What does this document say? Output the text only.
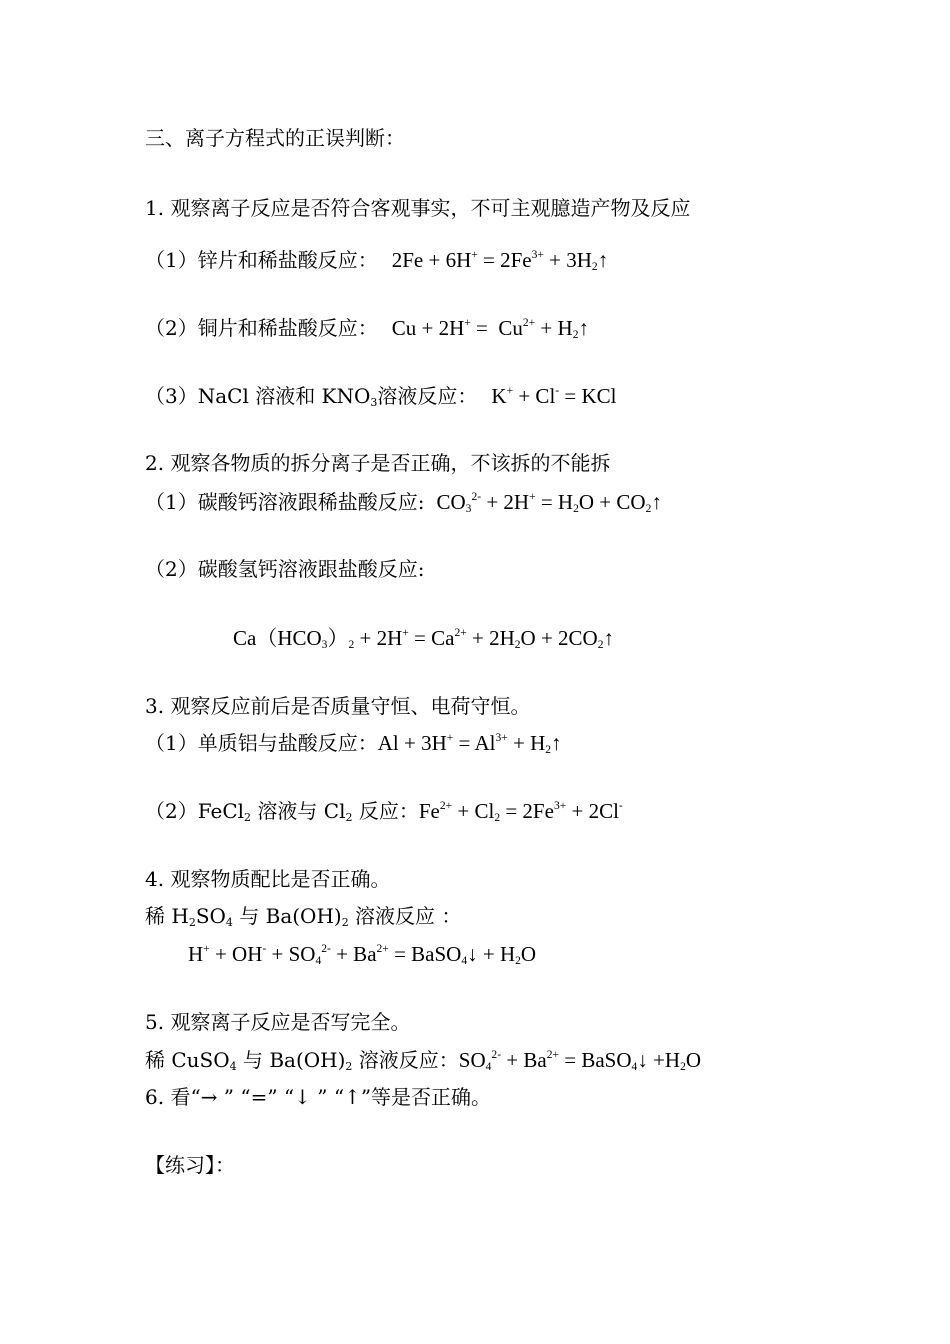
三、离子方程式的正误判断：
1. 观察离子反应是否符合客观事实，不可主观臆造产物及反应
（1）锌片和稀盐酸反应： $2Fe + 6H^+ = 2Fe^{3+}$ + $3H_2↑$
（2）铜片和稀盐酸反应： $Cu + 2H^+ = Cu^{2+}$ + $H_2↑$
（3）NaCl 溶液和 $KNO_3$溶液反应： K+ + Cl- = KCl
2. 观察各物质的拆分离子是否正确，不该拆的不能拆
（1）碳酸钙溶液跟稀盐酸反应: $CO_3^{2-} + 2H^+ = H_2O$ + $CO_2↑$
（2）碳酸氢钙溶液跟盐酸反应:
$Ca(HCO_3)_2 + 2H^+ = Ca^{2+} + 2H_2O$ + $2CO_2↑$
3. 观察反应前后是否质量守恒、电荷守恒。
（1）单质铝与盐酸反应：$Al + 3H^+ = Al^{3+}$ + $H_2↑$
（2）FeCl$_2$ 溶液与 $Cl_2$ 反应：$Fe^{2+} + Cl_2 = 2Fe^{3+} + 2Cl^-$
4. 观察物质配比是否正确。
稀 $H_2SO_4$ 与 $Ba(OH)_2$ 溶液反应 ：
$H^+ + OH^- + SO_4^{2-} + Ba^{2+}$ = BaSO$_4$↓ + $H_2O$
5. 观察离子反应是否写完全。
稀 CuSO$_4$ 与 $Ba(OH)_2$ 溶液反应：$SO_4^{2-} + Ba^{2+}$ = BaSO$_4$↓ $+H_2O$
6. 看“→ ” “=” “↓ ” “↑”等是否正确。
【练习】：
